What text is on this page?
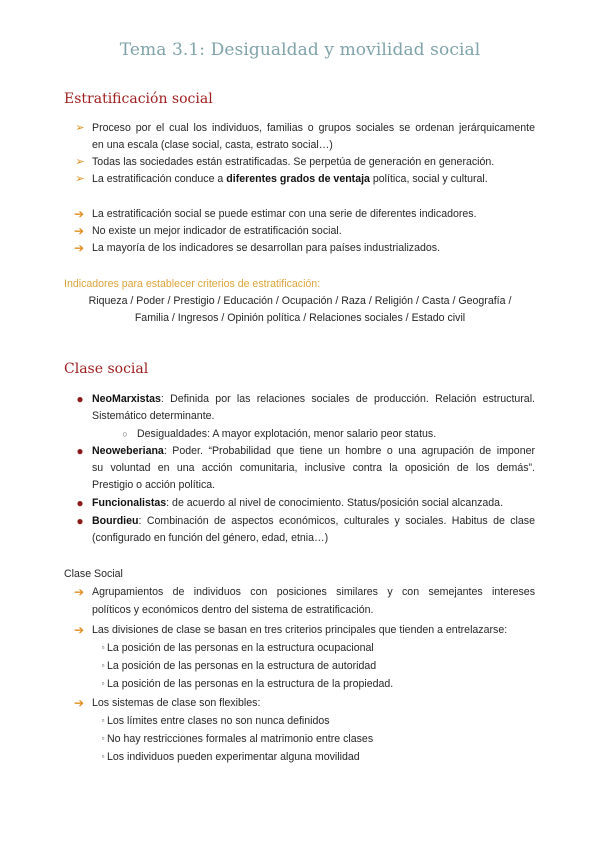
Tema 3.1: Desigualdad y movilidad social
Estratificación social
➢ Proceso por el cual los individuos, familias o grupos sociales se ordenan jerárquicamente
en una escala (clase social, casta, estrato social…)
➢ Todas las sociedades están estratificadas. Se perpetúa de generación en generación.
➢ La estratificación conduce a diferentes grados de ventaja política, social y cultural.
➔ La estratificación social se puede estimar con una serie de diferentes indicadores.
➔ No existe un mejor indicador de estratificación social.
➔ La mayoría de los indicadores se desarrollan para países industrializados.
Indicadores para establecer criterios de estratificación:
Riqueza / Poder / Prestigio / Educación / Ocupación / Raza / Religión / Casta / Geografía /
Familia / Ingresos / Opinión política / Relaciones sociales / Estado civil
Clase social
● NeoMarxistas: Definida por las relaciones sociales de producción. Relación estructural.
Sistemático determinante.
○ Desigualdades: A mayor explotación, menor salario peor status.
● Neoweberiana: Poder. “Probabilidad que tiene un hombre o una agrupación de imponer
su voluntad en una acción comunitaria, inclusive contra la oposición de los demás”.
Prestigio o acción política.
● Funcionalistas: de acuerdo al nivel de conocimiento. Status/posición social alcanzada.
● Bourdieu: Combinación de aspectos económicos, culturales y sociales. Habitus de clase
(configurado en función del género, edad, etnia…)
Clase Social
➔ Agrupamientos de individuos con posiciones similares y con semejantes intereses
políticos y económicos dentro del sistema de estratificación.
➔ Las divisiones de clase se basan en tres criterios principales que tienden a entrelazarse:
▫ La posición de las personas en la estructura ocupacional
▫ La posición de las personas en la estructura de autoridad
▫ La posición de las personas en la estructura de la propiedad.
➔ Los sistemas de clase son flexibles:
▫ Los límites entre clases no son nunca definidos
▫ No hay restricciones formales al matrimonio entre clases
▫ Los individuos pueden experimentar alguna movilidad
